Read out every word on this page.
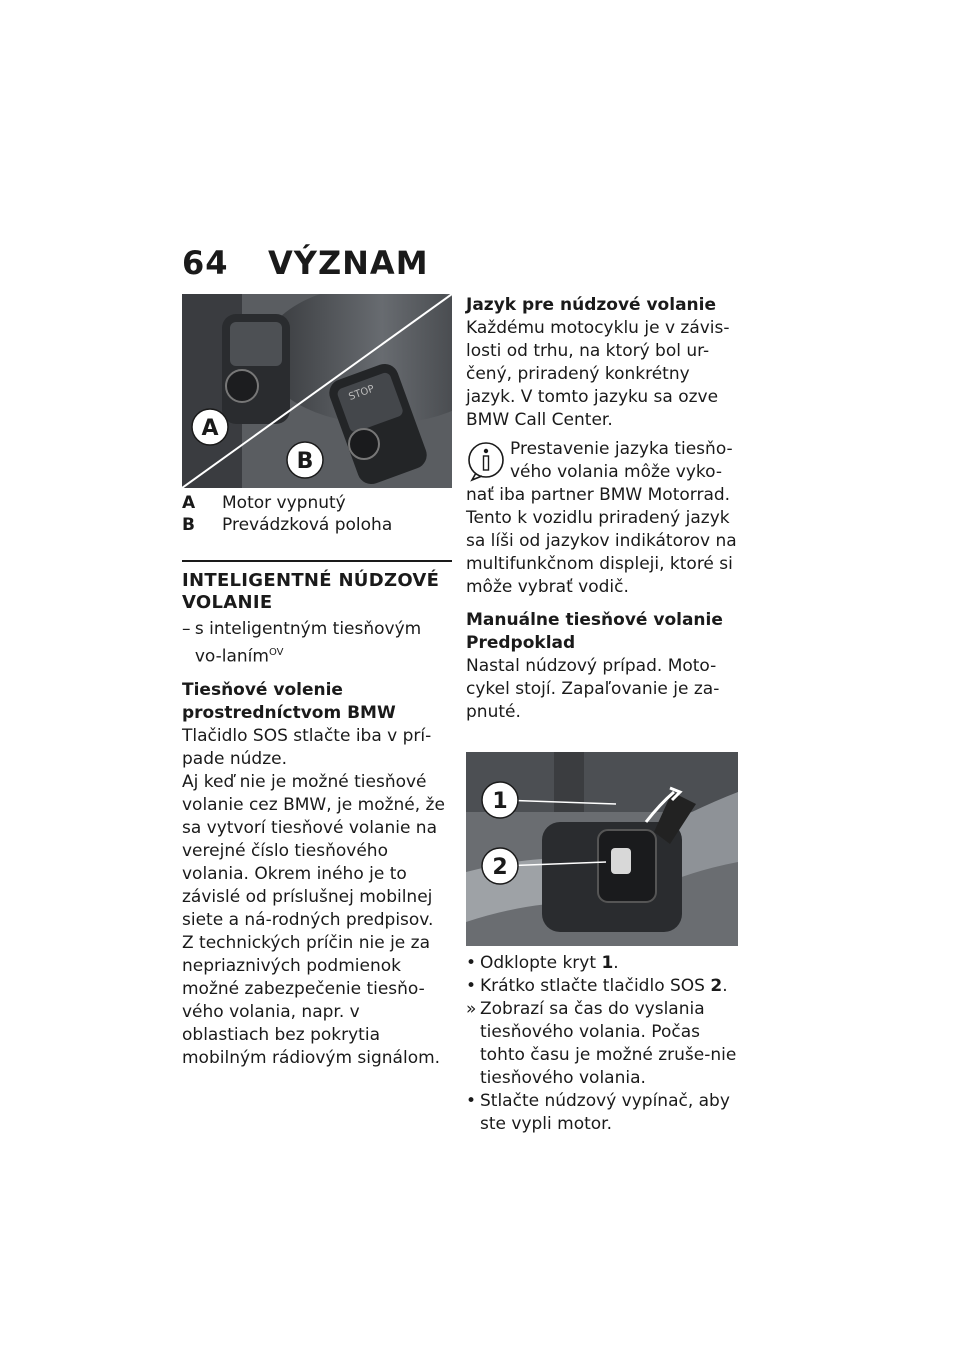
64 VÝZNAM
STOP
A
B
A	Motor vypnutý
B	Prevádzková poloha
INTELIGENTNÉ NÚDZOVÉ VOLANIE
– s inteligentným tiesňovým vo-laním$^{OV}$
Tiesňové volenie prostredníctvom BMW
Tlačidlo SOS stlačte iba v prí-pade núdze.
Aj keď nie je možné tiesňové volanie cez BMW, je možné, že sa vytvorí tiesňové volanie na verejné číslo tiesňového volania. Okrem iného je to závislé od príslušnej mobilnej siete a ná-rodných predpisov.
Z technických príčin nie je za nepriaznivých podmienok možné zabezpečenie tiesňo-vého volania, napr. v oblastiach bez pokrytia mobilným rádiovým signálom.
Jazyk pre núdzové volanie
Každému motocyklu je v závis-losti od trhu, na ktorý bol ur-čený, priradený konkrétny jazyk. V tomto jazyku sa ozve BMW Call Center.
Prestavenie jazyka tiesňo-vého volania môže vyko-nať iba partner BMW Motorrad. Tento k vozidlu priradený jazyk sa líši od jazykov indikátorov na multifunkčnom displeji, ktoré si môže vybrať vodič.
Manuálne tiesňové volanie
Predpoklad
Nastal núdzový prípad. Moto-cykel stojí. Zapaľovanie je za-pnuté.
1
2
• Odklopte kryt 1.
• Krátko stlačte tlačidlo SOS 2.
» Zobrazí sa čas do vyslania tiesňového volania. Počas tohto času je možné zruše-nie tiesňového volania.
• Stlačte núdzový vypínač, aby ste vypli motor.
